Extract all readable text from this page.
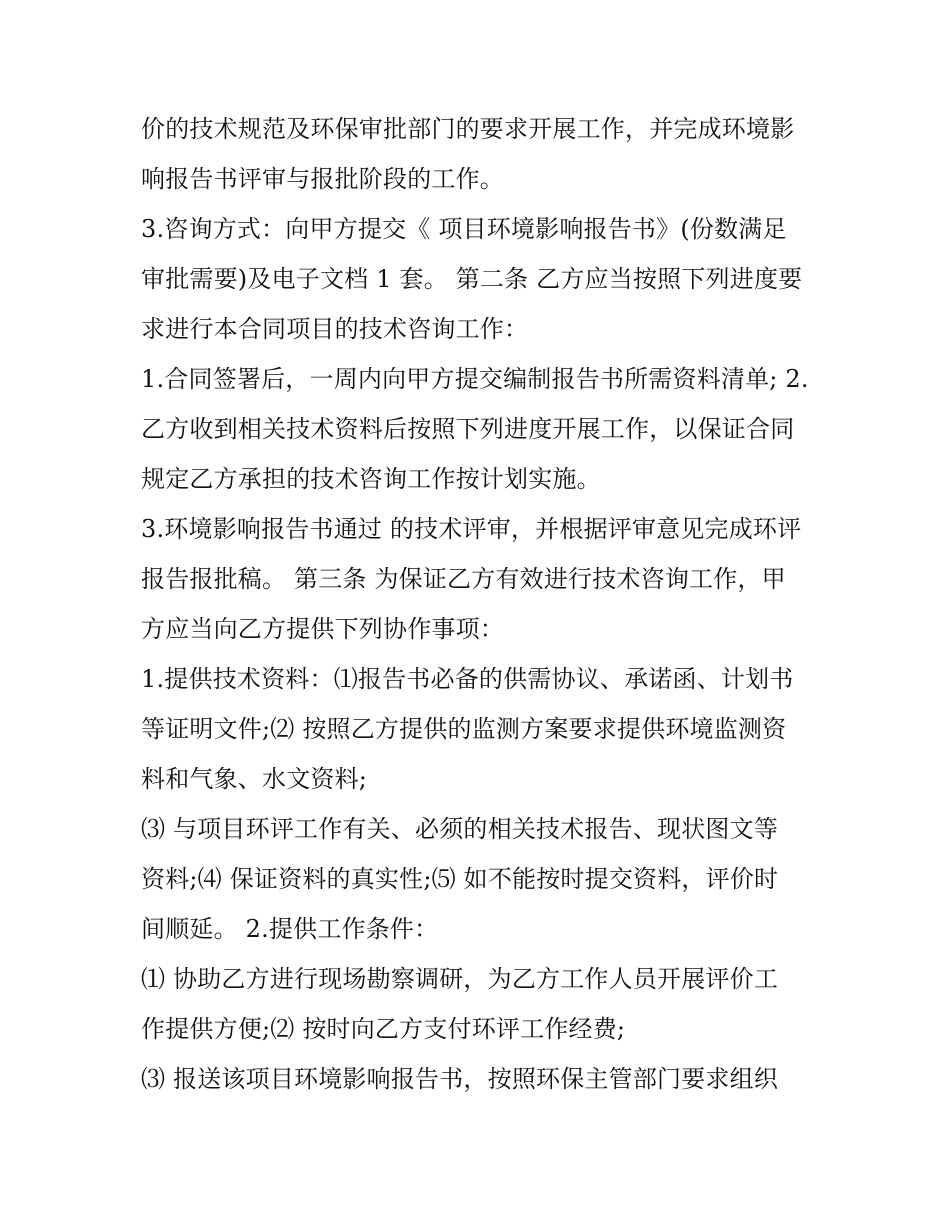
价的技术规范及环保审批部门的要求开展工作，并完成环境影
响报告书评审与报批阶段的工作。
3.咨询方式：向甲方提交《 项目环境影响报告书》(份数满足
审批需要)及电子文档 1 套。 第二条 乙方应当按照下列进度要
求进行本合同项目的技术咨询工作：
1.合同签署后，一周内向甲方提交编制报告书所需资料清单; 2.
乙方收到相关技术资料后按照下列进度开展工作，以保证合同
规定乙方承担的技术咨询工作按计划实施。
3.环境影响报告书通过 的技术评审，并根据评审意见完成环评
报告报批稿。 第三条 为保证乙方有效进行技术咨询工作，甲
方应当向乙方提供下列协作事项：
1.提供技术资料：⑴报告书必备的供需协议、承诺函、计划书
等证明文件;⑵ 按照乙方提供的监测方案要求提供环境监测资
料和气象、水文资料;
⑶ 与项目环评工作有关、必须的相关技术报告、现状图文等
资料;⑷ 保证资料的真实性;⑸ 如不能按时提交资料，评价时
间顺延。 2.提供工作条件：
⑴ 协助乙方进行现场勘察调研，为乙方工作人员开展评价工
作提供方便;⑵ 按时向乙方支付环评工作经费;
⑶ 报送该项目环境影响报告书，按照环保主管部门要求组织
